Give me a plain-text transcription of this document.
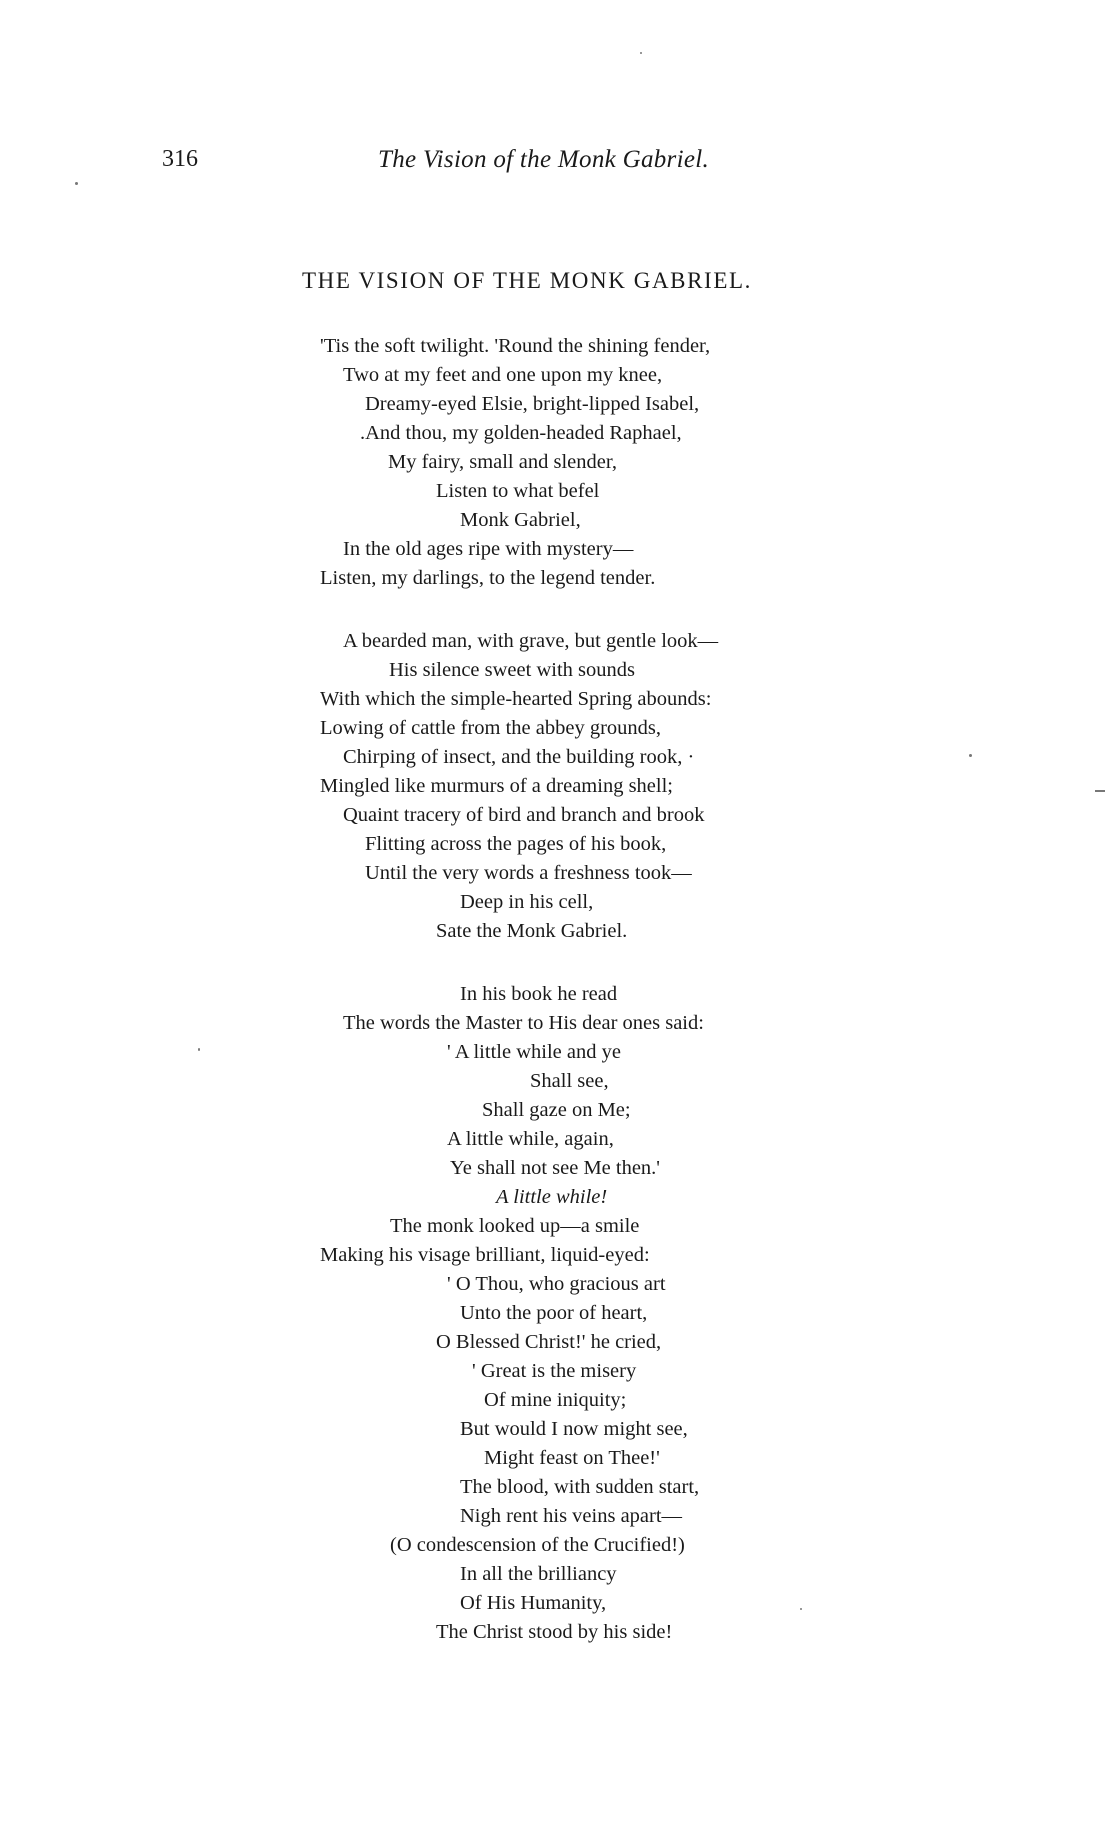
316	The Vision of the Monk Gabriel.
THE VISION OF THE MONK GABRIEL.
'Tis the soft twilight. 'Round the shining fender,
Two at my feet and one upon my knee,
Dreamy-eyed Elsie, bright-lipped Isabel,
.And thou, my golden-headed Raphael,
My fairy, small and slender,
Listen to what befel
Monk Gabriel,
In the old ages ripe with mystery—
Listen, my darlings, to the legend tender.
A bearded man, with grave, but gentle look—
His silence sweet with sounds
With which the simple-hearted Spring abounds:
Lowing of cattle from the abbey grounds,
Chirping of insect, and the building rook, ·
Mingled like murmurs of a dreaming shell;
Quaint tracery of bird and branch and brook
Flitting across the pages of his book,
Until the very words a freshness took—
Deep in his cell,
Sate the Monk Gabriel.
In his book he read
The words the Master to His dear ones said:
' A little while and ye
Shall see,
Shall gaze on Me;
A little while, again,
Ye shall not see Me then.'
A little while!
The monk looked up—a smile
Making his visage brilliant, liquid-eyed:
' O Thou, who gracious art
Unto the poor of heart,
O Blessed Christ!' he cried,
' Great is the misery
Of mine iniquity;
But would I now might see,
Might feast on Thee!'
The blood, with sudden start,
Nigh rent his veins apart—
(O condescension of the Crucified!)
In all the brilliancy
Of His Humanity,
The Christ stood by his side!
